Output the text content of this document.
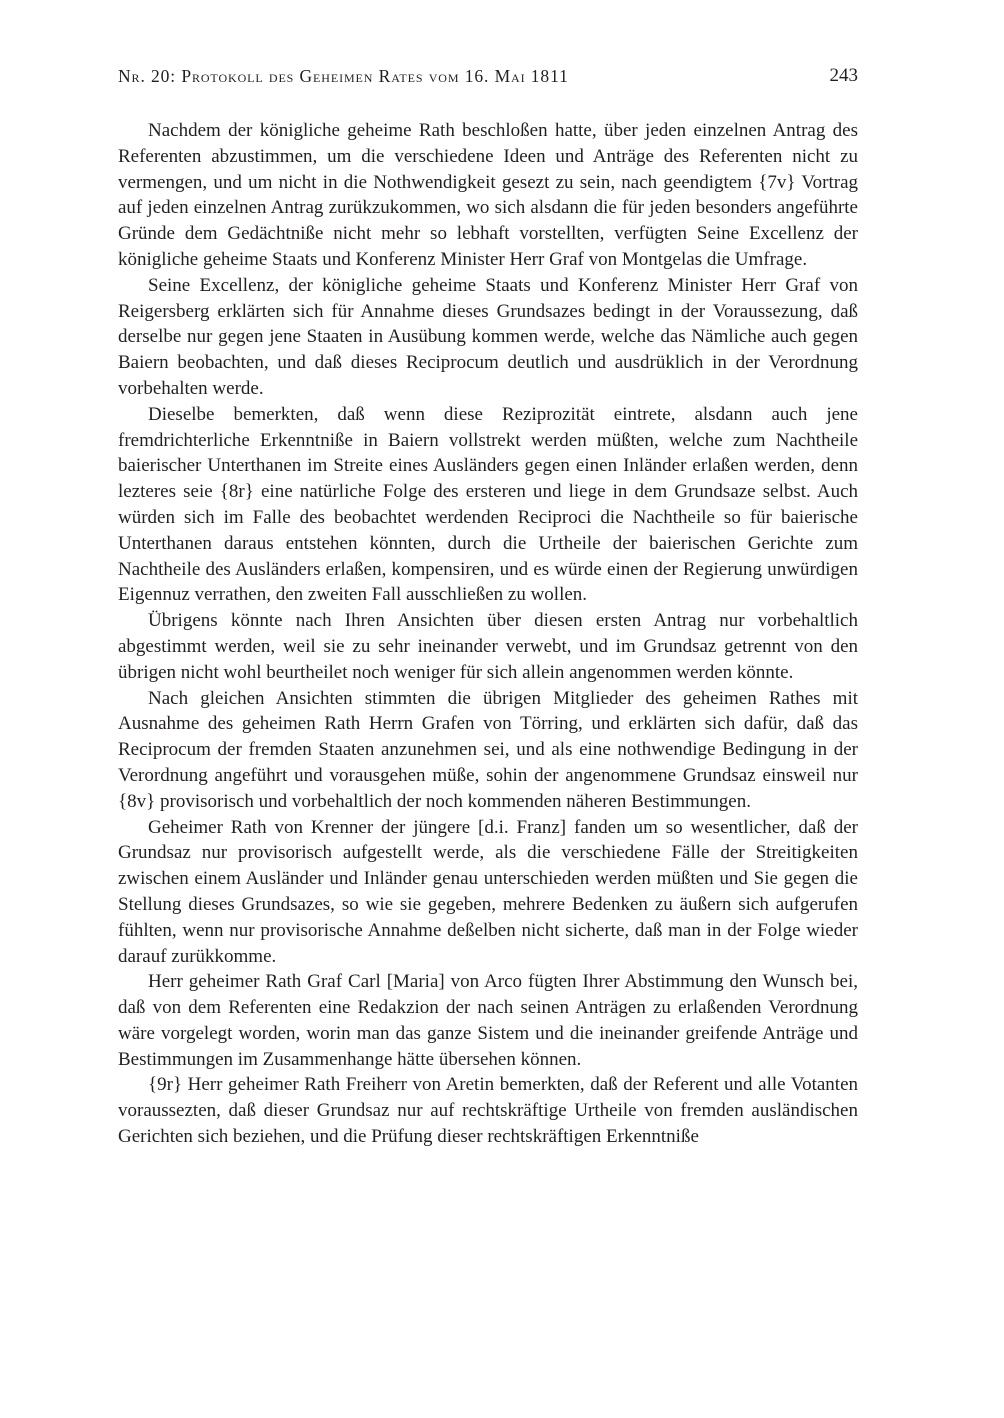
Nr. 20: Protokoll des Geheimen Rates vom 16. Mai 1811	243

Nachdem der königliche geheime Rath beschloßen hatte, über jeden einzelnen Antrag des Referenten abzustimmen, um die verschiedene Ideen und Anträge des Referenten nicht zu vermengen, und um nicht in die Nothwendigkeit gesezt zu sein, nach geendigtem {7v} Vortrag auf jeden einzelnen Antrag zurükzukommen, wo sich alsdann die für jeden besonders angeführte Gründe dem Gedächtniße nicht mehr so lebhaft vorstellten, verfügten Seine Excellenz der königliche geheime Staats und Konferenz Minister Herr Graf von Montgelas die Umfrage.

Seine Excellenz, der königliche geheime Staats und Konferenz Minister Herr Graf von Reigersberg erklärten sich für Annahme dieses Grundsazes bedingt in der Voraussezung, daß derselbe nur gegen jene Staaten in Ausübung kommen werde, welche das Nämliche auch gegen Baiern beobachten, und daß dieses Reciprocum deutlich und ausdrüklich in der Verordnung vorbehalten werde.

Dieselbe bemerkten, daß wenn diese Reziprozität eintrete, alsdann auch jene fremdrichterliche Erkenntniße in Baiern vollstrekt werden müßten, welche zum Nachtheile baierischer Unterthanen im Streite eines Ausländers gegen einen Inländer erlaßen werden, denn lezteres seie {8r} eine natürliche Folge des ersteren und liege in dem Grundsaze selbst. Auch würden sich im Falle des beobachtet werdenden Reciproci die Nachtheile so für baierische Unterthanen daraus entstehen könnten, durch die Urtheile der baierischen Gerichte zum Nachtheile des Ausländers erlaßen, kompensiren, und es würde einen der Regierung unwürdigen Eigennuz verrathen, den zweiten Fall ausschließen zu wollen.

Übrigens könnte nach Ihren Ansichten über diesen ersten Antrag nur vorbehaltlich abgestimmt werden, weil sie zu sehr ineinander verwebt, und im Grundsaz getrennt von den übrigen nicht wohl beurtheilet noch weniger für sich allein angenommen werden könnte.

Nach gleichen Ansichten stimmten die übrigen Mitglieder des geheimen Rathes mit Ausnahme des geheimen Rath Herrn Grafen von Törring, und erklärten sich dafür, daß das Reciprocum der fremden Staaten anzunehmen sei, und als eine nothwendige Bedingung in der Verordnung angeführt und vorausgehen müße, sohin der angenommene Grundsaz einsweil nur {8v} provisorisch und vorbehaltlich der noch kommenden näheren Bestimmungen.

Geheimer Rath von Krenner der jüngere [d.i. Franz] fanden um so wesentlicher, daß der Grundsaz nur provisorisch aufgestellt werde, als die verschiedene Fälle der Streitigkeiten zwischen einem Ausländer und Inländer genau unterschieden werden müßten und Sie gegen die Stellung dieses Grundsazes, so wie sie gegeben, mehrere Bedenken zu äußern sich aufgerufen fühlten, wenn nur provisorische Annahme deßelben nicht sicherte, daß man in der Folge wieder darauf zurükkomme.

Herr geheimer Rath Graf Carl [Maria] von Arco fügten Ihrer Abstimmung den Wunsch bei, daß von dem Referenten eine Redakzion der nach seinen Anträgen zu erlaßenden Verordnung wäre vorgelegt worden, worin man das ganze Sistem und die ineinander greifende Anträge und Bestimmungen im Zusammenhange hätte übersehen können.

{9r} Herr geheimer Rath Freiherr von Aretin bemerkten, daß der Referent und alle Votanten voraussezten, daß dieser Grundsaz nur auf rechtskräftige Urtheile von fremden ausländischen Gerichten sich beziehen, und die Prüfung dieser rechtskräftigen Erkenntniße
